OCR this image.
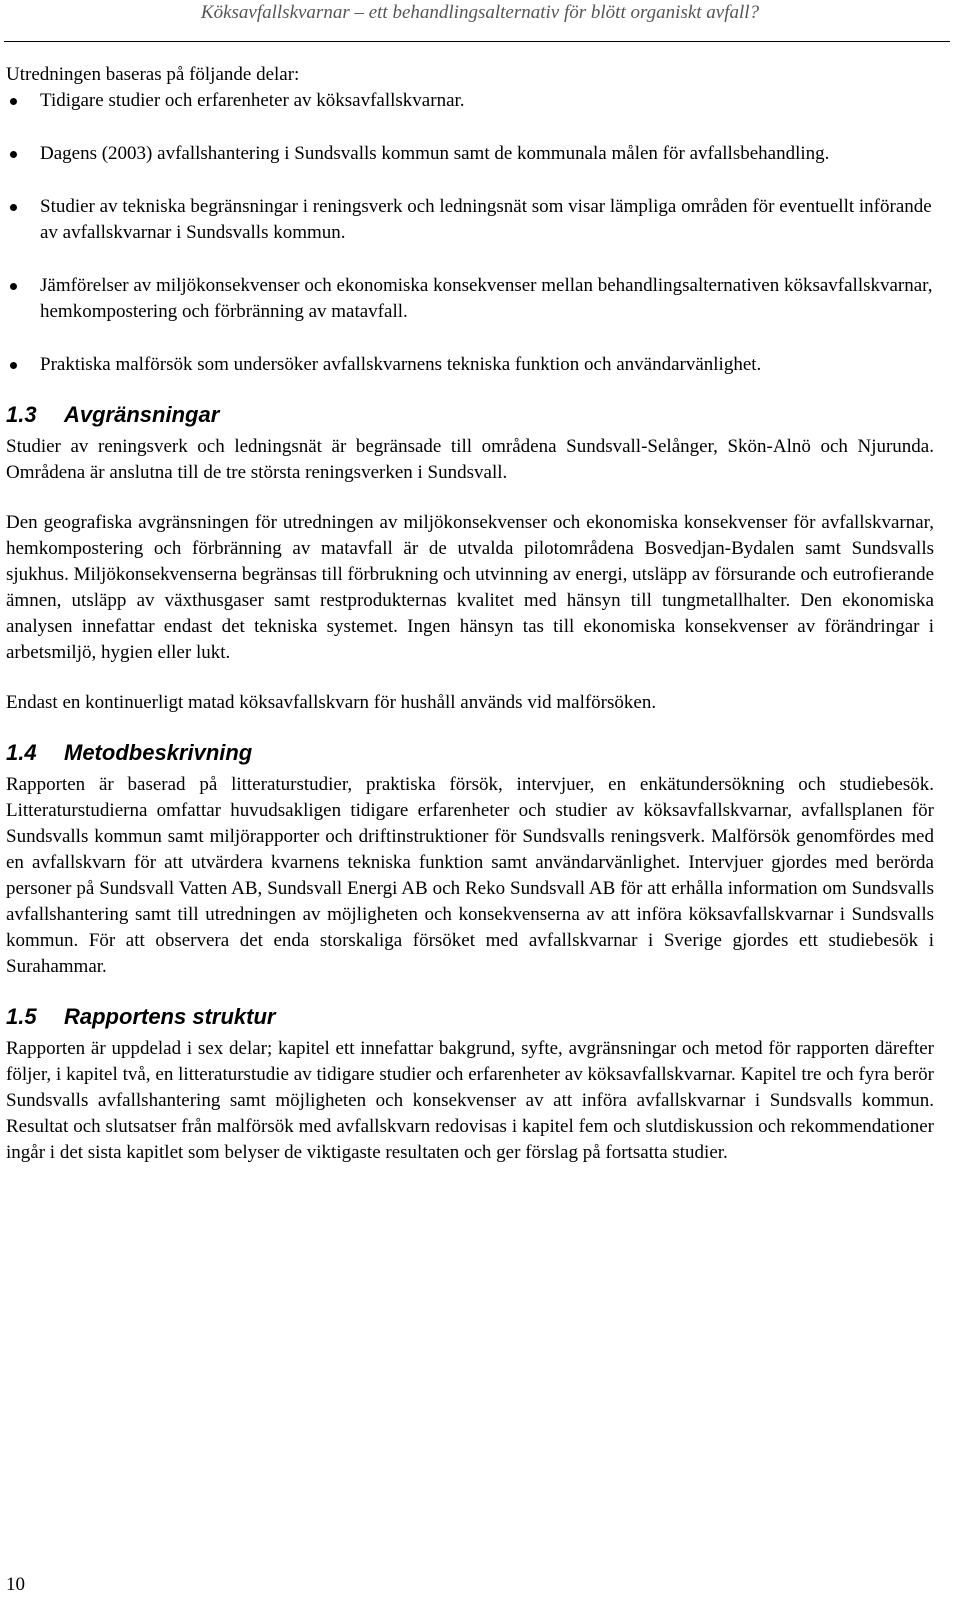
Köksavfallskvarnar – ett behandlingsalternativ för blött organiskt avfall?

Utredningen baseras på följande delar:

Tidigare studier och erfarenheter av köksavfallskvarnar.
Dagens (2003) avfallshantering i Sundsvalls kommun samt de kommunala målen för avfallsbehandling.
Studier av tekniska begränsningar i reningsverk och ledningsnät som visar lämpliga områden för eventuellt införande av avfallskvarnar i Sundsvalls kommun.
Jämförelser av miljökonsekvenser och ekonomiska konsekvenser mellan behandlingsalternativen köksavfallskvarnar, hemkompostering och förbränning av matavfall.
Praktiska malförsök som undersöker avfallskvarnens tekniska funktion och användarvänlighet.
1.3 Avgränsningar

Studier av reningsverk och ledningsnät är begränsade till områdena Sundsvall-Selånger, Skön-Alnö och Njurunda. Områdena är anslutna till de tre största reningsverken i Sundsvall.

Den geografiska avgränsningen för utredningen av miljökonsekvenser och ekonomiska konsekvenser för avfallskvarnar, hemkompostering och förbränning av matavfall är de utvalda pilotområdena Bosvedjan-Bydalen samt Sundsvalls sjukhus. Miljökonsekvenserna begränsas till förbrukning och utvinning av energi, utsläpp av försurande och eutrofierande ämnen, utsläpp av växthusgaser samt restprodukternas kvalitet med hänsyn till tungmetallhalter. Den ekonomiska analysen innefattar endast det tekniska systemet. Ingen hänsyn tas till ekonomiska konsekvenser av förändringar i arbetsmiljö, hygien eller lukt.

Endast en kontinuerligt matad köksavfallskvarn för hushåll används vid malförsöken.

1.4 Metodbeskrivning

Rapporten är baserad på litteraturstudier, praktiska försök, intervjuer, en enkätundersökning och studiebesök. Litteraturstudierna omfattar huvudsakligen tidigare erfarenheter och studier av köksavfallskvarnar, avfallsplanen för Sundsvalls kommun samt miljörapporter och driftinstruktioner för Sundsvalls reningsverk. Malförsök genomfördes med en avfallskvarn för att utvärdera kvarnens tekniska funktion samt användarvänlighet. Intervjuer gjordes med berörda personer på Sundsvall Vatten AB, Sundsvall Energi AB och Reko Sundsvall AB för att erhålla information om Sundsvalls avfallshantering samt till utredningen av möjligheten och konsekvenserna av att införa köksavfallskvarnar i Sundsvalls kommun. För att observera det enda storskaliga försöket med avfallskvarnar i Sverige gjordes ett studiebesök i Surahammar.

1.5 Rapportens struktur

Rapporten är uppdelad i sex delar; kapitel ett innefattar bakgrund, syfte, avgränsningar och metod för rapporten därefter följer, i kapitel två, en litteraturstudie av tidigare studier och erfarenheter av köksavfallskvarnar. Kapitel tre och fyra berör Sundsvalls avfallshantering samt möjligheten och konsekvenser av att införa avfallskvarnar i Sundsvalls kommun. Resultat och slutsatser från malförsök med avfallskvarn redovisas i kapitel fem och slutdiskussion och rekommendationer ingår i det sista kapitlet som belyser de viktigaste resultaten och ger förslag på fortsatta studier.

10
